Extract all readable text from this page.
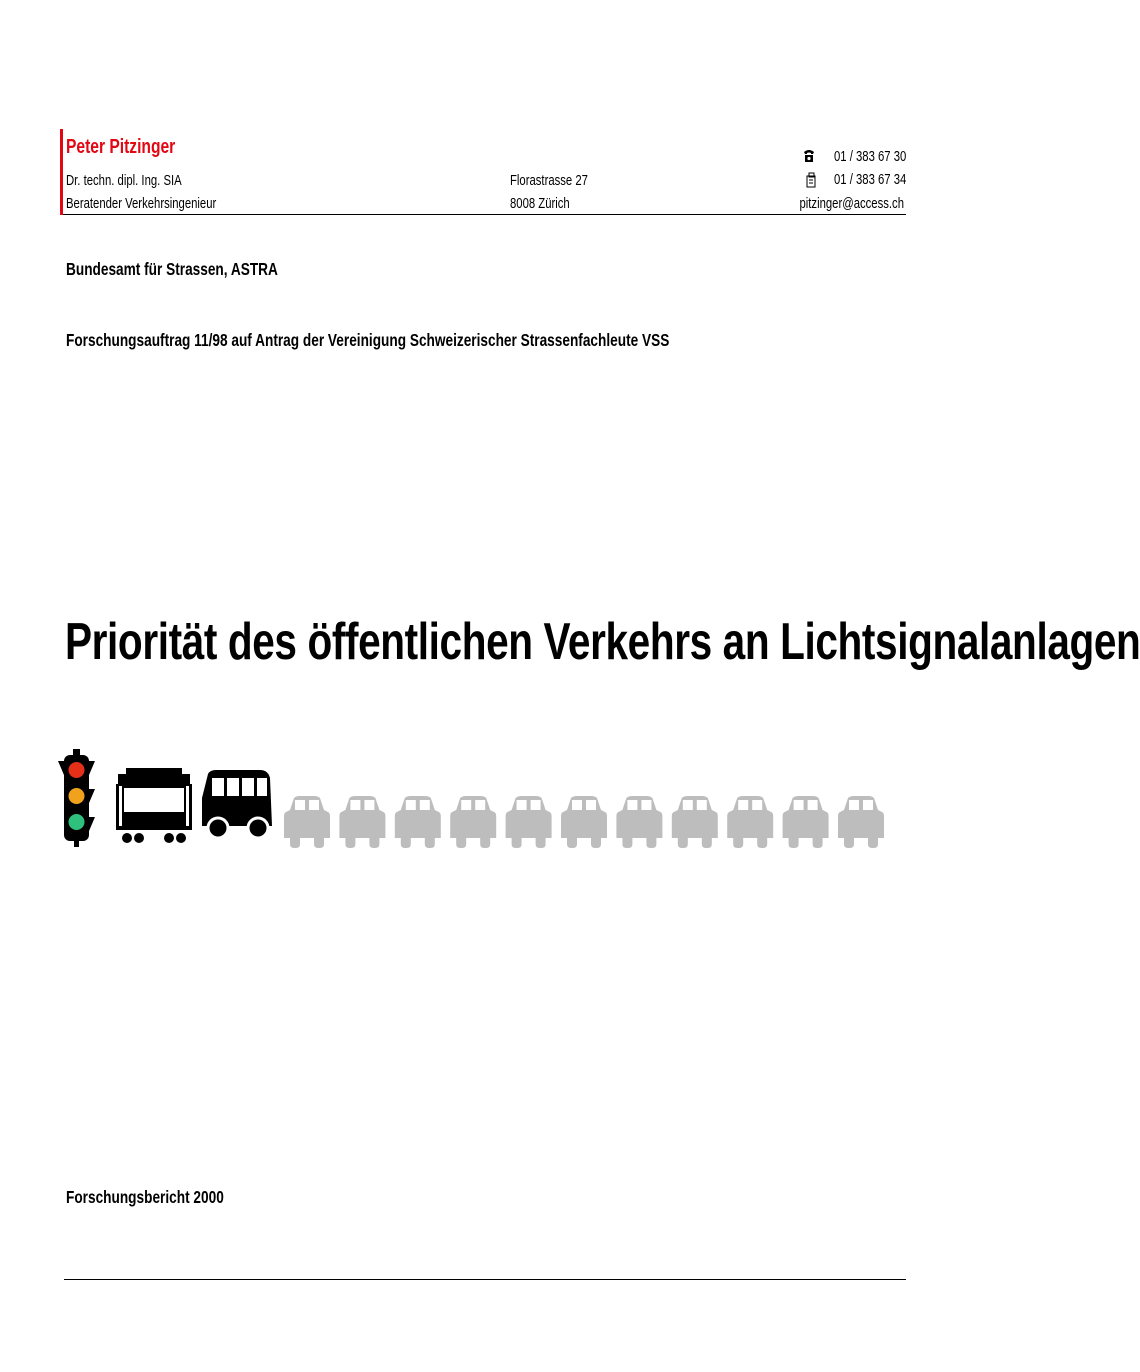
Peter Pitzinger
Dr. techn. dipl. Ing. SIA
Beratender Verkehrsingenieur
Florastrasse 27
8008 Zürich
01 / 383 67 30
01 / 383 67 34
pitzinger@access.ch
Bundesamt für Strassen, ASTRA
Forschungsauftrag 11/98 auf Antrag der Vereinigung Schweizerischer Strassenfachleute VSS
Priorität des öffentlichen Verkehrs an Lichtsignalanlagen
Forschungsbericht 2000
